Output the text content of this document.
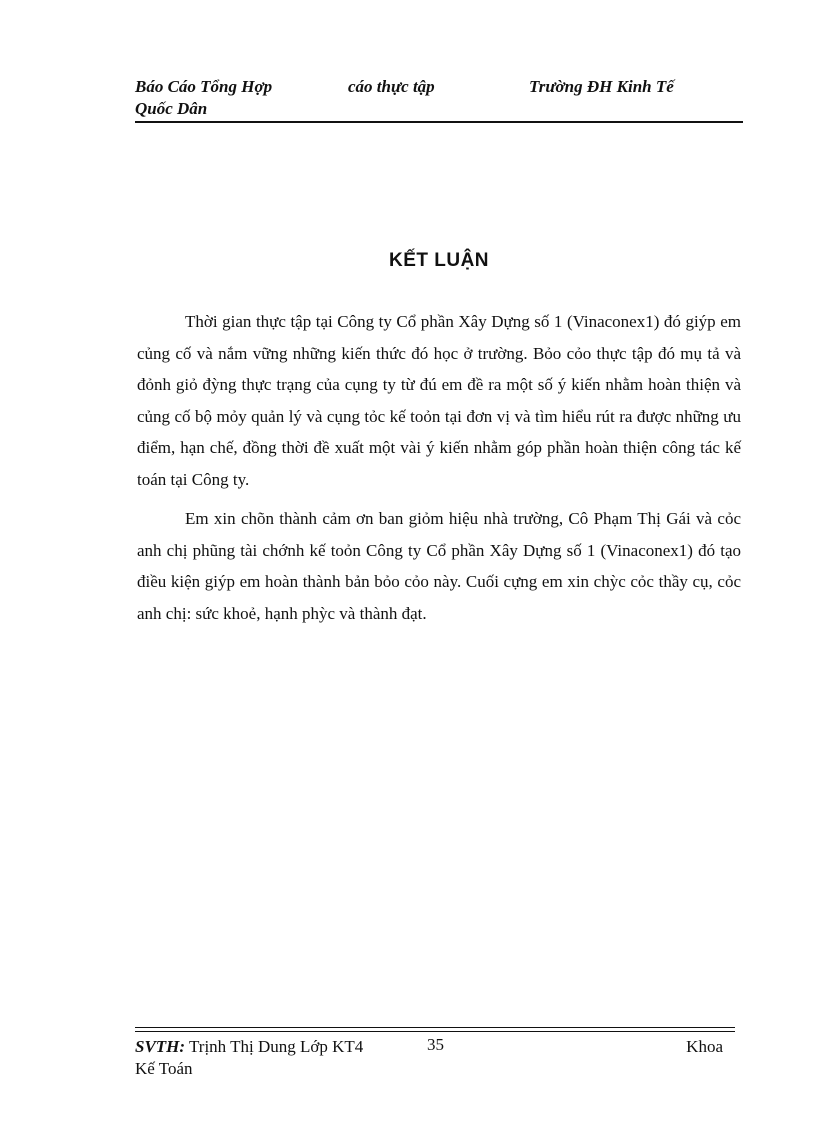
Báo Cáo Tổng Hợp	cáo thực tập	Trường ĐH Kinh Tế
Quốc Dân
KẾT LUẬN

Thời gian thực tập tại Công ty Cổ phần Xây Dựng số 1 (Vinaconex1) đó giýp em củng cố và nắm vững những kiến thức đó học ở trường. Bỏo cỏo thực tập đó mụ tả và đỏnh giỏ đỳng thực trạng của cụng ty từ đú em đề ra một số ý kiến nhằm hoàn thiện và củng cố bộ mỏy quản lý và cụng tỏc kế toỏn tại đơn vị và tìm hiểu rút ra được những ưu điểm, hạn chế, đồng thời đề xuất một vài ý kiến nhằm góp phần hoàn thiện công tác kế toán tại Công ty.

Em xin chõn thành cảm ơn ban giỏm hiệu nhà trường, Cô Phạm Thị Gái và cỏc anh chị phũng tài chớnh kế toỏn Công ty Cổ phần Xây Dựng số 1 (Vinaconex1) đó tạo điều kiện giýp em hoàn thành bản bỏo cỏo này. Cuối cựng em xin chỳc cỏc thầy cụ, cỏc anh chị: sức khoẻ, hạnh phỳc và thành đạt.

SVTH: Trịnh Thị Dung Lớp KT4	35	Khoa
Kế Toán
